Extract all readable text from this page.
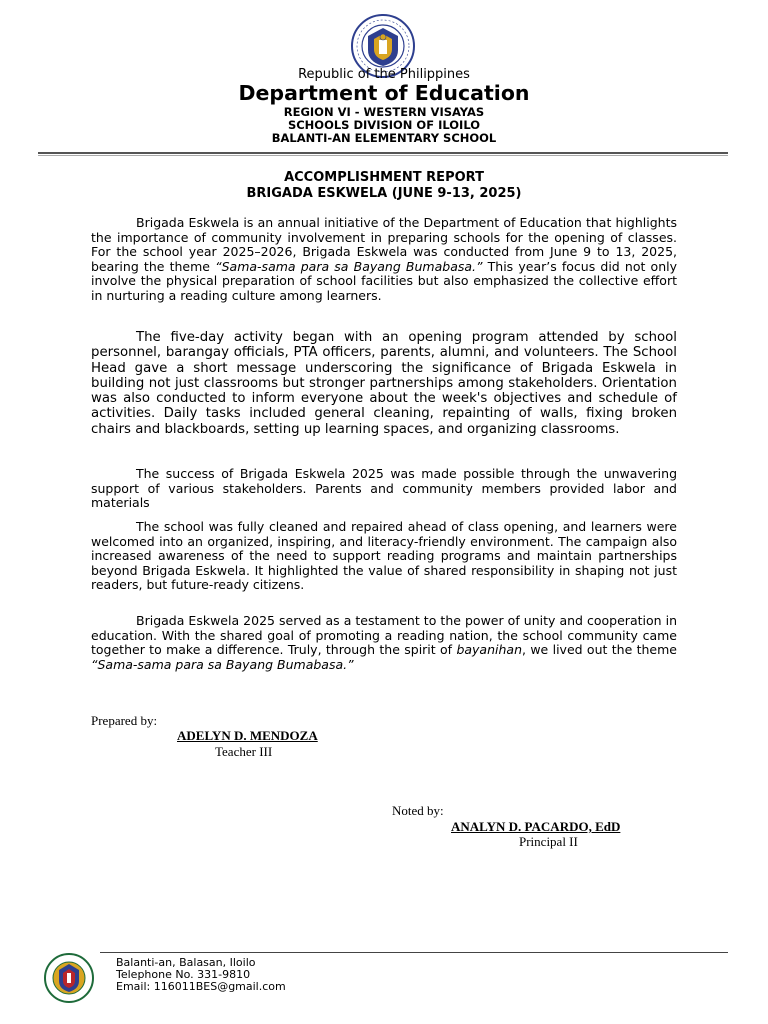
Republic of the Philippines
Department of Education
REGION VI - WESTERN VISAYAS
SCHOOLS DIVISION OF ILOILO
BALANTI-AN ELEMENTARY SCHOOL
ACCOMPLISHMENT REPORT
BRIGADA ESKWELA (JUNE 9-13, 2025)

Brigada Eskwela is an annual initiative of the Department of Education that highlights the importance of community involvement in preparing schools for the opening of classes. For the school year 2025–2026, Brigada Eskwela was conducted from June 9 to 13, 2025, bearing the theme “Sama-sama para sa Bayang Bumabasa.” This year’s focus did not only involve the physical preparation of school facilities but also emphasized the collective effort in nurturing a reading culture among learners.

The five-day activity began with an opening program attended by school personnel, barangay officials, PTA officers, parents, alumni, and volunteers. The School Head gave a short message underscoring the significance of Brigada Eskwela in building not just classrooms but stronger partnerships among stakeholders. Orientation was also conducted to inform everyone about the week's objectives and schedule of activities. Daily tasks included general cleaning, repainting of walls, fixing broken chairs and blackboards, setting up learning spaces, and organizing classrooms.

The success of Brigada Eskwela 2025 was made possible through the unwavering support of various stakeholders. Parents and community members provided labor and materials

The school was fully cleaned and repaired ahead of class opening, and learners were welcomed into an organized, inspiring, and literacy-friendly environment. The campaign also increased awareness of the need to support reading programs and maintain partnerships beyond Brigada Eskwela. It highlighted the value of shared responsibility in shaping not just readers, but future-ready citizens.

Brigada Eskwela 2025 served as a testament to the power of unity and cooperation in education. With the shared goal of promoting a reading nation, the school community came together to make a difference. Truly, through the spirit of bayanihan, we lived out the theme “Sama-sama para sa Bayang Bumabasa.”

Prepared by:
ADELYN D. MENDOZA
Teacher III
Noted by:
ANALYN D. PACARDO, EdD
Principal II
Balanti-an, Balasan, Iloilo
Telephone No. 331-9810
Email: 116011BES@gmail.com
